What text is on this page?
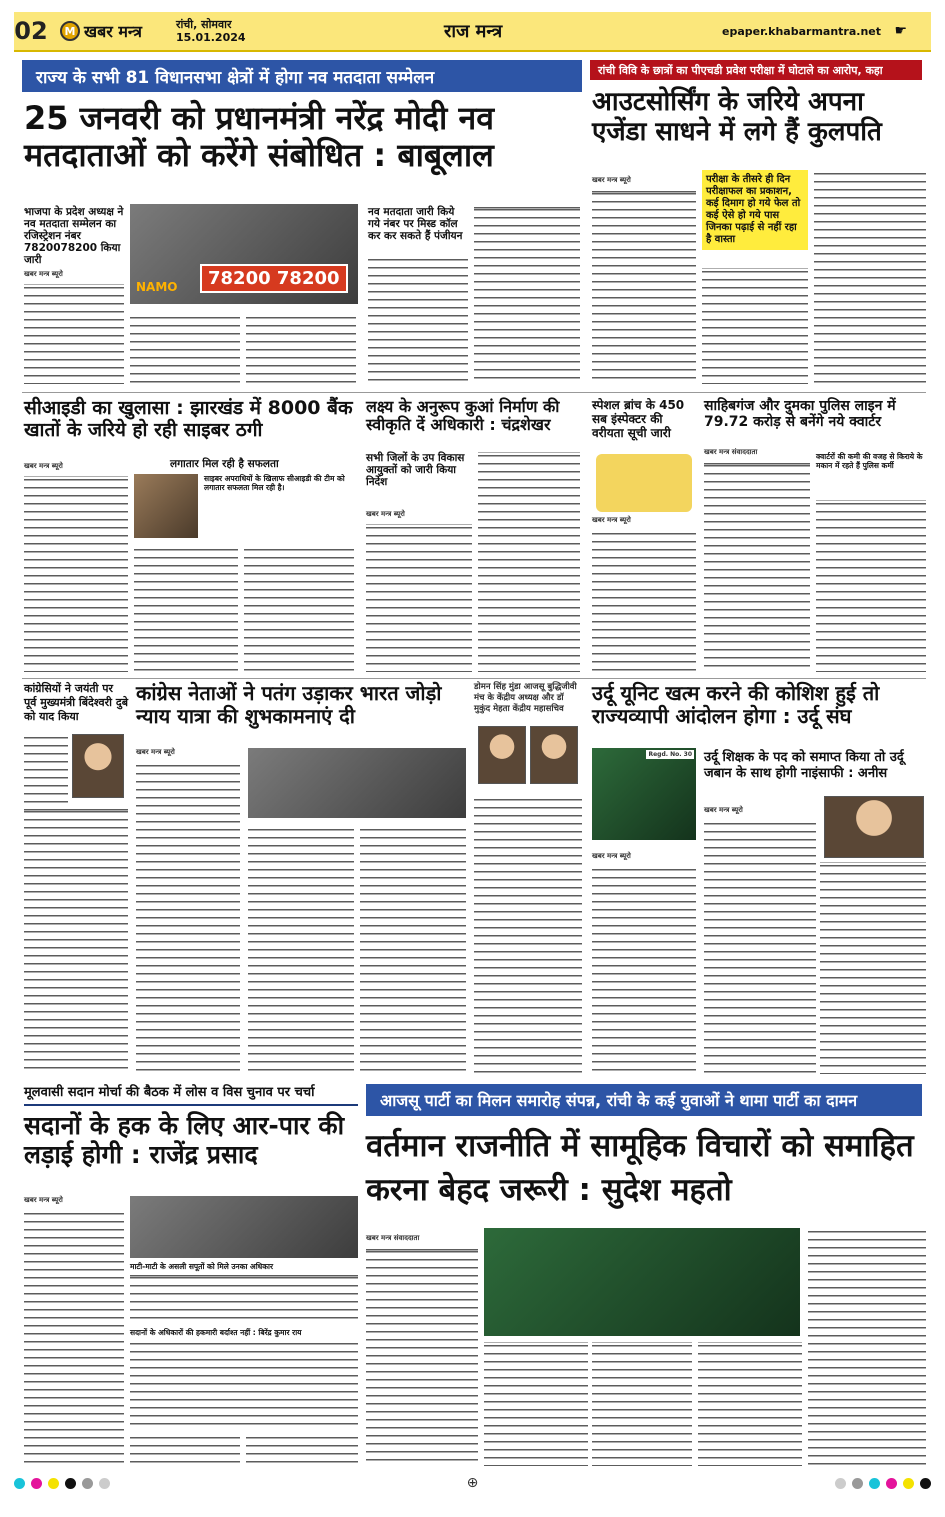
02	M खबर मन्त्र	रांची, सोमवार
15.01.2024	राज मन्त्र	epaper.khabarmantra.net ☛
राज्य के सभी 81 विधानसभा क्षेत्रों में होगा नव मतदाता सम्मेलन	रांची विवि के छात्रों का पीएचडी प्रवेश परीक्षा में घोटाले का आरोप, कहा
25 जनवरी को प्रधानमंत्री नरेंद्र मोदी नव मतदाताओं को करेंगे संबोधित : बाबूलाल
भाजपा के प्रदेश अध्यक्ष ने नव मतदाता सम्मेलन का रजिस्ट्रेशन नंबर 7820078200 किया जारी
खबर मन्त्र ब्यूरो	78200 78200
NAMO
नव मतदाता जारी किये गये नंबर पर मिस्ड कॉल कर कर सकते हैं पंजीयन
आउटसोर्सिंग के जरिये अपना एजेंडा साधने में लगे हैं कुलपति
खबर मन्त्र ब्यूरो	परीक्षा के तीसरे ही दिन परीक्षाफल का प्रकाशन, कई दिमाग हो गये फेल तो कई ऐसे हो गये पास जिनका पढ़ाई से नहीं रहा है वास्ता
सीआइडी का खुलासा : झारखंड में 8000 बैंक खातों के जरिये हो रही साइबर ठगी
लगातार मिल रही है सफलता
खबर मन्त्र ब्यूरो
साइबर अपराधियों के खिलाफ सीआइडी की टीम को लगातार सफलता मिल रही है।
लक्ष्य के अनुरूप कुआं निर्माण की स्वीकृति दें अधिकारी : चंद्रशेखर
सभी जिलों के उप विकास आयुक्तों को जारी किया निर्देश
खबर मन्त्र ब्यूरो
स्पेशल ब्रांच के 450 सब इंस्पेक्टर की वरीयता सूची जारी
खबर मन्त्र ब्यूरो
साहिबगंज और दुमका पुलिस लाइन में 79.72 करोड़ से बनेंगे नये क्वार्टर
खबर मन्त्र संवाददाता	क्वार्टरों की कमी की वजह से किराये के मकान में रहते हैं पुलिस कर्मी
कांग्रेसियों ने जयंती पर पूर्व मुख्यमंत्री बिंदेश्वरी दुबे को याद किया
कांग्रेस नेताओं ने पतंग उड़ाकर भारत जोड़ो न्याय यात्रा की शुभकामनाएं दी
खबर मन्त्र ब्यूरो
डोमन सिंह मुंडा आजसू बुद्धिजीवी मंच के केंद्रीय अध्यक्ष और डॉ मुकुंद मेहता केंद्रीय महासचिव
उर्दू यूनिट खत्म करने की कोशिश हुई तो राज्यव्यापी आंदोलन होगा : उर्दू संघ
Regd. No. 30 उर्दू शिक्षक के पद को समाप्त किया तो उर्दू जबान के साथ होगी नाइंसाफी : अनीस
खबर मन्त्र ब्यूरो
खबर मन्त्र ब्यूरो
मूलवासी सदान मोर्चा की बैठक में लोस व विस चुनाव पर चर्चा	आजसू पार्टी का मिलन समारोह संपन्न, रांची के कई युवाओं ने थामा पार्टी का दामन
सदानों के हक के लिए आर-पार की लड़ाई होगी : राजेंद्र प्रसाद
खबर मन्त्र ब्यूरो
माटी-माटी के असली सपूतों को मिले उनका अधिकार
सदानों के अधिकारों की हकमारी बर्दाश्त नहीं : बिरेंद्र कुमार राय
वर्तमान राजनीति में सामूहिक विचारों को समाहित करना बेहद जरूरी : सुदेश महतो
खबर मन्त्र संवाददाता
⊕
